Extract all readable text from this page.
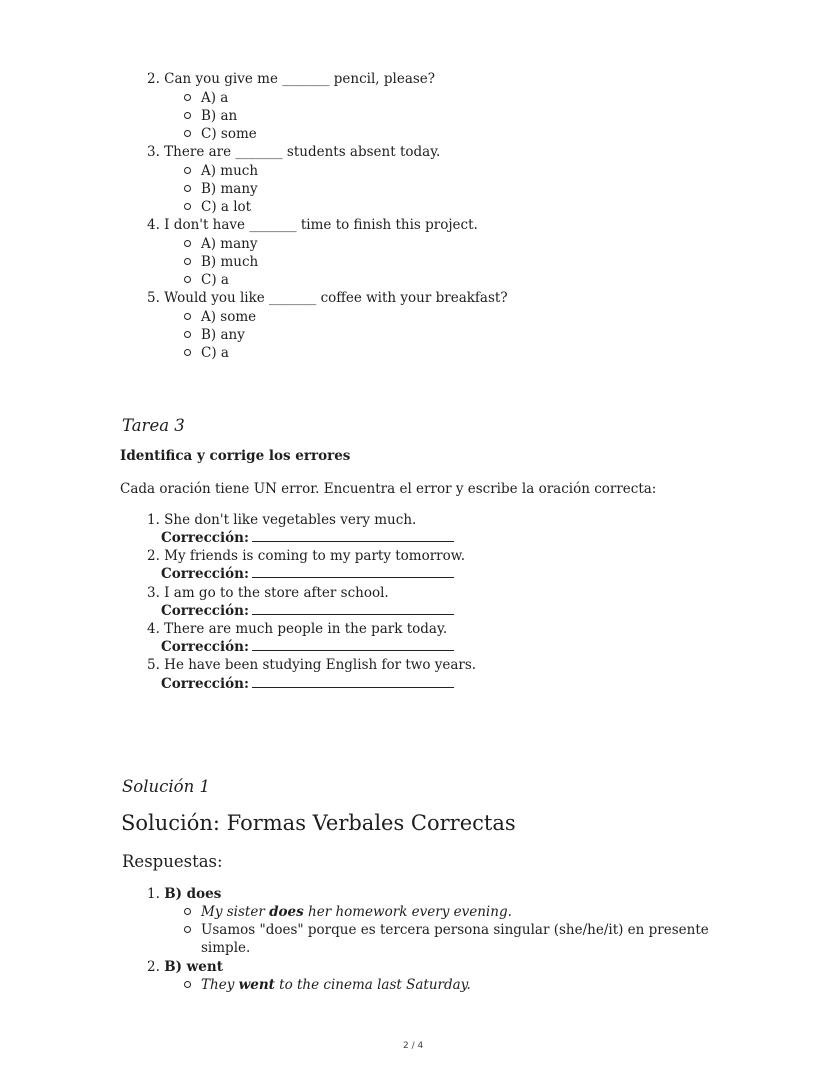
2. Can you give me _______ pencil, please?
A) a
B) an
C) some
3. There are _______ students absent today.
A) much
B) many
C) a lot
4. I don't have _______ time to finish this project.
A) many
B) much
C) a
5. Would you like _______ coffee with your breakfast?
A) some
B) any
C) a
Tarea 3
Identifica y corrige los errores
Cada oración tiene UN error. Encuentra el error y escribe la oración correcta:
1. She don't like vegetables very much.
Corrección:
2. My friends is coming to my party tomorrow.
Corrección:
3. I am go to the store after school.
Corrección:
4. There are much people in the park today.
Corrección:
5. He have been studying English for two years.
Corrección:
Solución 1
Solución: Formas Verbales Correctas
Respuestas:
1. B) does
My sister does her homework every evening.
Usamos "does" porque es tercera persona singular (she/he/it) en presente
simple.
2. B) went
They went to the cinema last Saturday.
2 / 4
